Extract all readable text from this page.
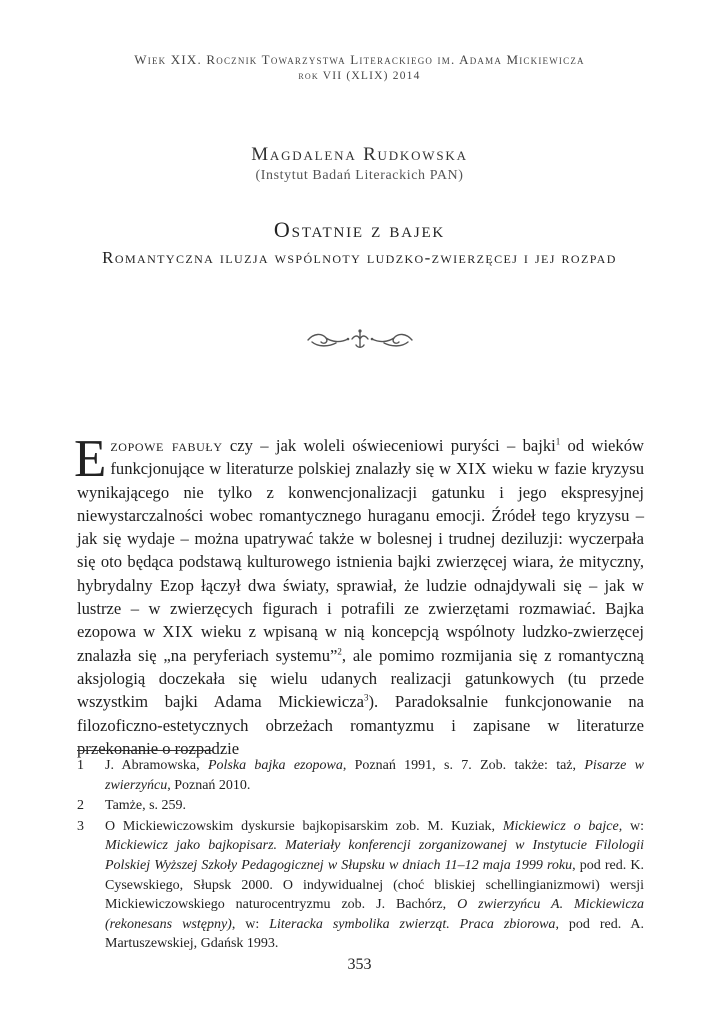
Wiek XIX. Rocznik Towarzystwa Literackiego im. Adama Mickiewicza
rok VII (XLIX) 2014
Magdalena Rudkowska
(Instytut Badań Literackich PAN)
Ostatnie z bajek
Romantyczna iluzja wspólnoty ludzko-zwierzęcej i jej rozpad
Ezopowe fabuły czy – jak woleli oświeceniowi puryści – bajki$^1$ od wieków funkcjonujące w literaturze polskiej znalazły się w XIX wieku w fazie kryzysu wynikającego nie tylko z konwencjonalizacji gatunku i jego ekspresyjnej niewystarczalności wobec romantycznego huraganu emocji. Źródeł tego kryzysu – jak się wydaje – można upatrywać także w bolesnej i trudnej deziluzji: wyczerpała się oto będąca podstawą kulturowego istnienia bajki zwierzęcej wiara, że mityczny, hybrydalny Ezop łączył dwa światy, sprawiał, że ludzie odnajdywali się – jak w lustrze – w zwierzęcych figurach i potrafili ze zwierzętami rozmawiać. Bajka ezopowa w XIX wieku z wpisaną w nią koncepcją wspólnoty ludzko-zwierzęcej znalazła się „na peryferiach systemu”$^2$, ale pomimo rozmijania się z romantyczną aksjologią doczekała się wielu udanych realizacji gatunkowych (tu przede wszystkim bajki Adama Mickiewicza$^3$). Paradoksalnie funkcjonowanie na filozoficzno-estetycznych obrzeżach romantyzmu i zapisane w literaturze przekonanie o rozpadzie
1	J. Abramowska, Polska bajka ezopowa, Poznań 1991, s. 7. Zob. także: taż, Pisarze w zwierzyńcu, Poznań 2010.
2	Tamże, s. 259.
3	O Mickiewiczowskim dyskursie bajkopisarskim zob. M. Kuziak, Mickiewicz o bajce, w: Mickiewicz jako bajkopisarz. Materiały konferencji zorganizowanej w Instytucie Filologii Polskiej Wyższej Szkoły Pedagogicznej w Słupsku w dniach 11–12 maja 1999 roku, pod red. K. Cysewskiego, Słupsk 2000. O indywidualnej (choć bliskiej schellingianizmowi) wersji Mickiewiczowskiego naturocentryzmu zob. J. Bachórz, O zwierzyńcu A. Mickiewicza (rekonesans wstępny), w: Literacka symbolika zwierząt. Praca zbiorowa, pod red. A. Martuszewskiej, Gdańsk 1993.
353
